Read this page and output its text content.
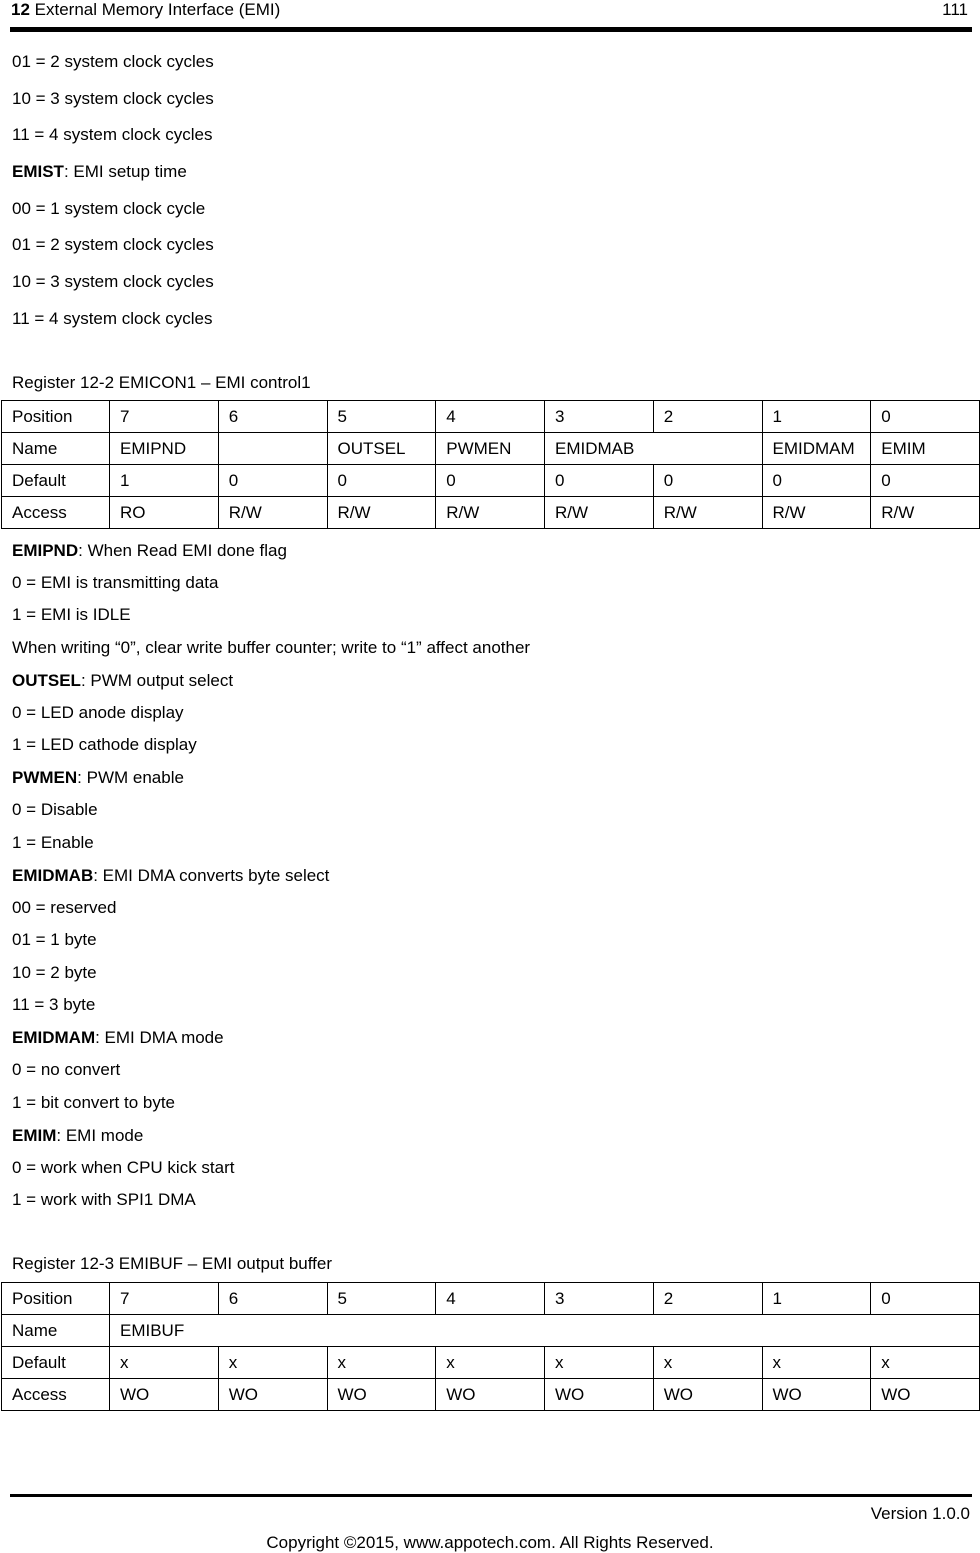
12 External Memory Interface (EMI)	111
01 = 2 system clock cycles
10 = 3 system clock cycles
11 = 4 system clock cycles
EMIST: EMI setup time
00 = 1 system clock cycle
01 = 2 system clock cycles
10 = 3 system clock cycles
11 = 4 system clock cycles
Register 12-2 EMICON1 – EMI control1
Position	7	6	5	4	3	2	1	0
Name	EMIPND		OUTSEL	PWMEN	EMIDMAB		EMIDMAM	EMIM
Default	1	0	0	0	0	0	0	0
Access	RO	R/W	R/W	R/W	R/W	R/W	R/W	R/W
EMIPND: When Read EMI done flag
0 = EMI is transmitting data
1 = EMI is IDLE
When writing “0”, clear write buffer counter; write to “1” affect another
OUTSEL: PWM output select
0 = LED anode display
1 = LED cathode display
PWMEN: PWM enable
0 = Disable
1 = Enable
EMIDMAB: EMI DMA converts byte select
00 = reserved
01 = 1 byte
10 = 2 byte
11 = 3 byte
EMIDMAM: EMI DMA mode
0 = no convert
1 = bit convert to byte
EMIM: EMI mode
0 = work when CPU kick start
1 = work with SPI1 DMA
Register 12-3 EMIBUF – EMI output buffer
Position	7	6	5	4	3	2	1	0
Name	EMIBUF							
Default	x	x	x	x	x	x	x	x
Access	WO	WO	WO	WO	WO	WO	WO	WO
Version 1.0.0
Copyright ©2015, www.appotech.com. All Rights Reserved.
